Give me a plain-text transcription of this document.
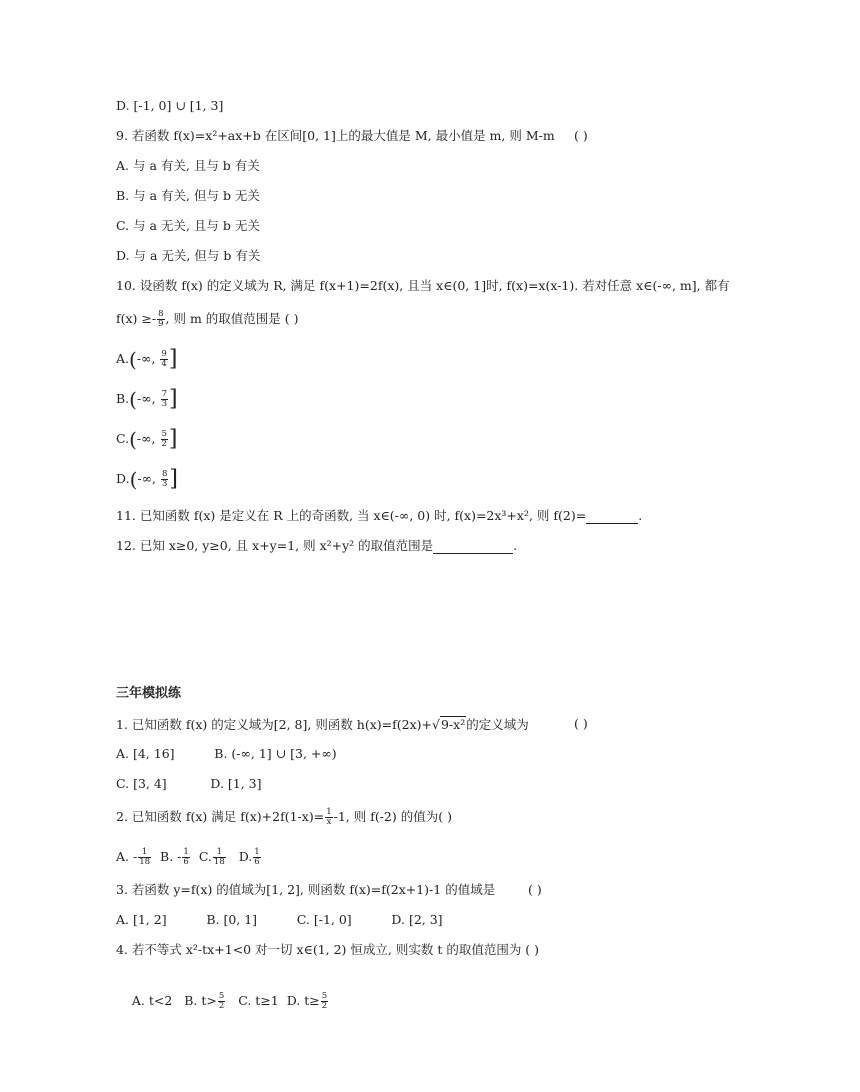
D. [-1, 0] ∪ [1, 3]
9. 若函数 f(x)=x²+ax+b 在区间[0, 1]上的最大值是 M, 最小值是 m, 则 M-m ( )
A. 与 a 有关, 且与 b 有关
B. 与 a 有关, 但与 b 无关
C. 与 a 无关, 且与 b 无关
D. 与 a 无关, 但与 b 有关
10. 设函数 f(x) 的定义域为 R, 满足 f(x+1)=2f(x), 且当 x∈(0, 1]时, f(x)=x(x-1). 若对任意 x∈(-∞, m], 都有
$f(x) \ge- \frac{8}{9}$ , 则 m 的取值范围是 ( )
A.(-∞, $\frac{9}{4}$ ]
B.(-∞, $\frac{7}{3}$ ]
C.(-∞, $\frac{5}{2}$ ]
D.(-∞, $\frac{8}{3}$ ]
11. 已知函数 f(x) 是定义在 R 上的奇函数, 当 x∈(-∞, 0) 时, f(x)=2x³+x², 则 f(2)=	.
12. 已知 x≥0, y≥0, 且 x+y=1, 则 x²+y² 的取值范围是	.
三年模拟练
1. 已知函数 f(x) 的定义域为[2, 8], 则函数 h(x)=f(2x)+√9-x²的定义域为	( )
A. [4, 16]          B. (-∞, 1] ∪ [3, +∞)
C. [3, 4]           D. [1, 3]
2. 已知函数 f(x) 满足 $f(x)+2f(1-x)= \frac{1}{x} -1$, 则 f(-2) 的值为( )
A. - $\frac{1}{18} B$. - $\frac{1}{6} C$. $\frac{1}{18} D$. $\frac{1}{6}$
3. 若函数 y=f(x) 的值域为[1, 2], 则函数 f(x)=f(2x+1)-1 的值域是	( )
A. [1, 2]          B. [0, 1]          C. [-1, 0]          D. [2, 3]
4. 若不等式 x²-tx+1<0 对一切 x∈(1, 2) 恒成立, 则实数 t 的取值范围为 ( )

A. t<2   B. $t> \frac{5}{2} C$. t≥1  D. $t\ge \frac{5}{2}$
